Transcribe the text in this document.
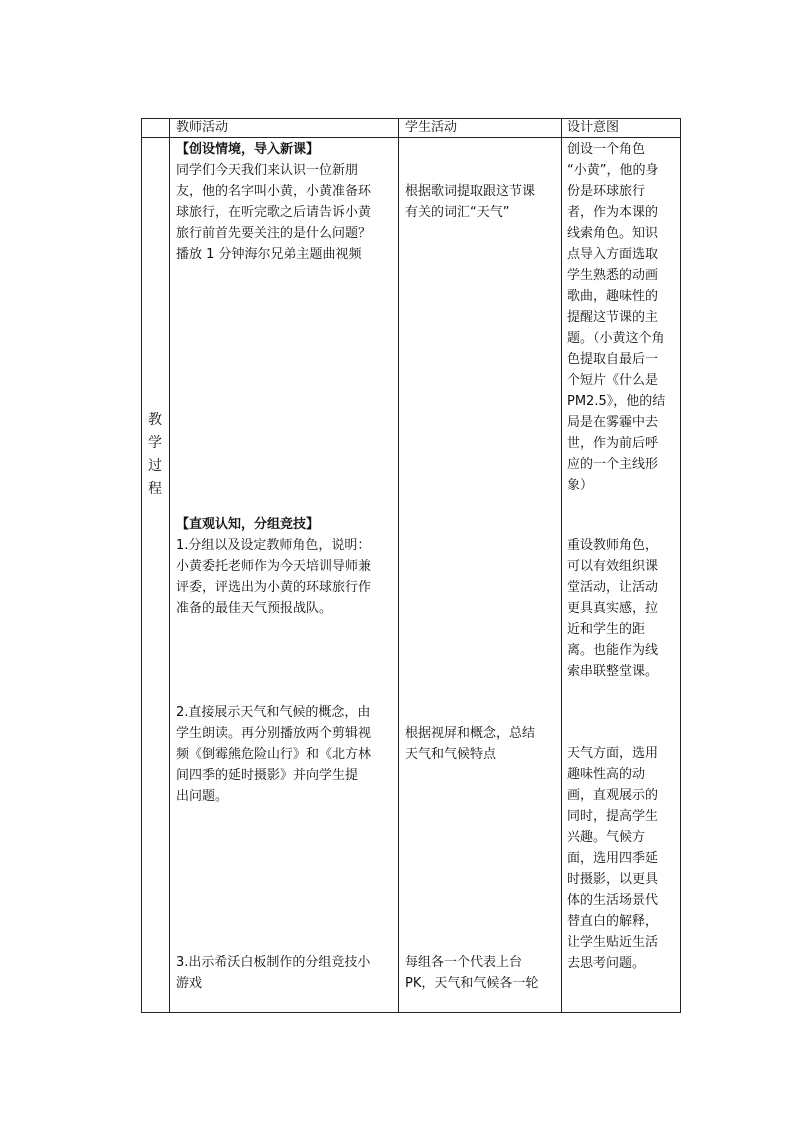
教师活动	学生活动	设计意图
教
学
过
程
【创设情境，导入新课】
同学们今天我们来认识一位新朋
友，他的名字叫小黄，小黄准备环
球旅行，在听完歌之后请告诉小黄
旅行前首先要关注的是什么问题？
播放 1 分钟海尔兄弟主题曲视频
【直观认知，分组竞技】
1.分组以及设定教师角色，说明：
小黄委托老师作为今天培训导师兼
评委，评选出为小黄的环球旅行作
准备的最佳天气预报战队。
2.直接展示天气和气候的概念，由
学生朗读。再分别播放两个剪辑视
频《倒霉熊危险山行》和《北方林
间四季的延时摄影》并向学生提
出问题。
3.出示希沃白板制作的分组竞技小
游戏
根据歌词提取跟这节课
有关的词汇“天气”
根据视屏和概念，总结
天气和气候特点
每组各一个代表上台
PK，天气和气候各一轮
创设一个角色
“小黄”，他的身
份是环球旅行
者，作为本课的
线索角色。知识
点导入方面选取
学生熟悉的动画
歌曲，趣味性的
提醒这节课的主
题。（小黄这个角
色提取自最后一
个短片《什么是
PM2.5》，他的结
局是在雾霾中去
世，作为前后呼
应的一个主线形
象）
重设教师角色，
可以有效组织课
堂活动，让活动
更具真实感，拉
近和学生的距
离。也能作为线
索串联整堂课。
天气方面，选用
趣味性高的动
画，直观展示的
同时，提高学生
兴趣。气候方
面，选用四季延
时摄影，以更具
体的生活场景代
替直白的解释，
让学生贴近生活
去思考问题。
